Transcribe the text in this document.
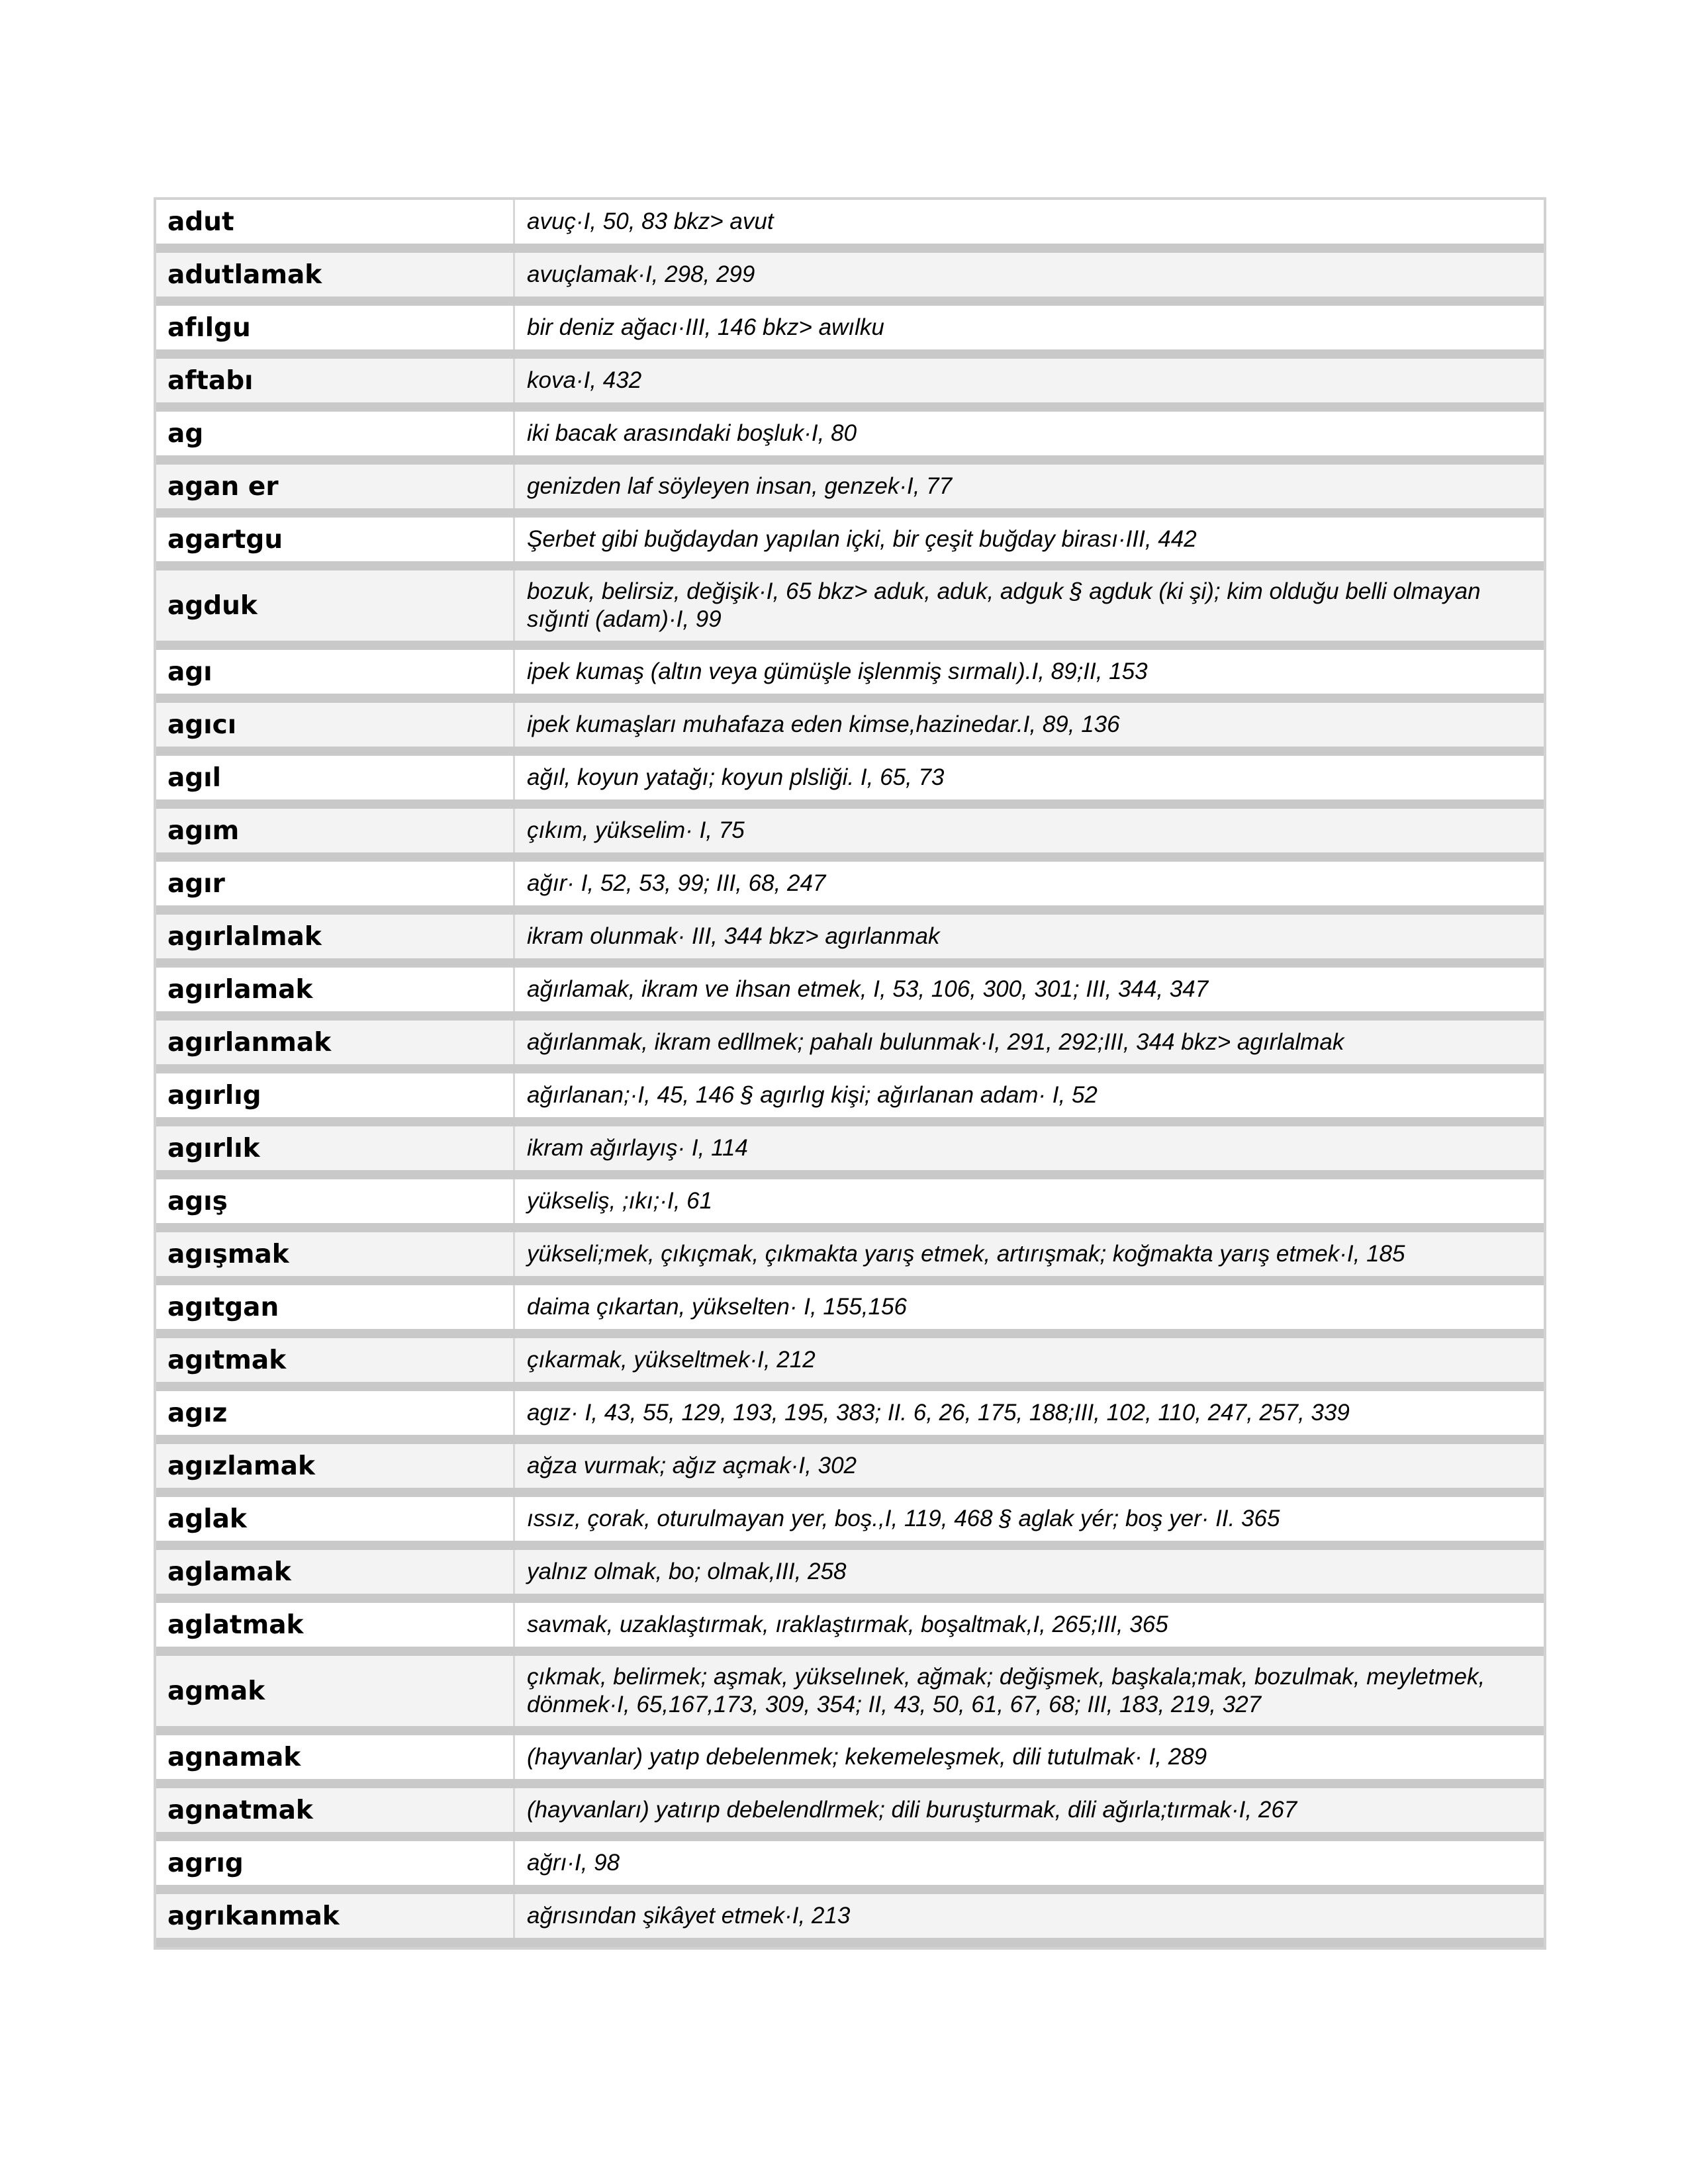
adut	avuç·I, 50, 83 bkz> avut
adutlamak	avuçlamak·I, 298, 299
afılgu	bir deniz ağacı·III, 146 bkz> awılku
aftabı	kova·I, 432
ag	iki bacak arasındaki boşluk·I, 80
agan er	genizden laf söyleyen insan, genzek·I, 77
agartgu	Şerbet gibi buğdaydan yapılan içki, bir çeşit buğday birası·III, 442
agduk	bozuk, belirsiz, değişik·I, 65 bkz> aduk, aduk, adguk § agduk (ki şi); kim olduğu belli olmayan sığınti (adam)·I, 99
agı	ipek kumaş (altın veya gümüşle işlenmiş sırmalı).I, 89;II, 153
agıcı	ipek kumaşları muhafaza eden kimse,hazinedar.I, 89, 136
agıl	ağıl, koyun yatağı; koyun plsliği. I, 65, 73
agım	çıkım, yükselim· I, 75
agır	ağır· I, 52, 53, 99; III, 68, 247
agırlalmak	ikram olunmak· III, 344 bkz> agırlanmak
agırlamak	ağırlamak, ikram ve ihsan etmek, I, 53, 106, 300, 301; III, 344, 347
agırlanmak	ağırlanmak, ikram edllmek; pahalı bulunmak·I, 291, 292;III, 344 bkz> agırlalmak
agırlıg	ağırlanan;·I, 45, 146 § agırlıg kişi; ağırlanan adam· I, 52
agırlık	ikram ağırlayış· I, 114
agış	yükseliş, ;ıkı;·I, 61
agışmak	yükseli;mek, çıkıçmak, çıkmakta yarış etmek, artırışmak; koğmakta yarış etmek·I, 185
agıtgan	daima çıkartan, yükselten· I, 155,156
agıtmak	çıkarmak, yükseltmek·I, 212
agız	agız· I, 43, 55, 129, 193, 195, 383; II. 6, 26, 175, 188;III, 102, 110, 247, 257, 339
agızlamak	ağza vurmak; ağız açmak·I, 302
aglak	ıssız, çorak, oturulmayan yer, boş.,I, 119, 468 § aglak yér; boş yer· II. 365
aglamak	yalnız olmak, bo; olmak,III, 258
aglatmak	savmak, uzaklaştırmak, ıraklaştırmak, boşaltmak,I, 265;III, 365
agmak	çıkmak, belirmek; aşmak, yükselınek, ağmak; değişmek, başkala;mak, bozulmak, meyletmek, dönmek·I, 65,167,173, 309, 354; II, 43, 50, 61, 67, 68; III, 183, 219, 327
agnamak	(hayvanlar) yatıp debelenmek; kekemeleşmek, dili tutulmak· I, 289
agnatmak	(hayvanları) yatırıp debelendlrmek; dili buruşturmak, dili ağırla;tırmak·I, 267
agrıg	ağrı·I, 98
agrıkanmak	ağrısından şikâyet etmek·I, 213
